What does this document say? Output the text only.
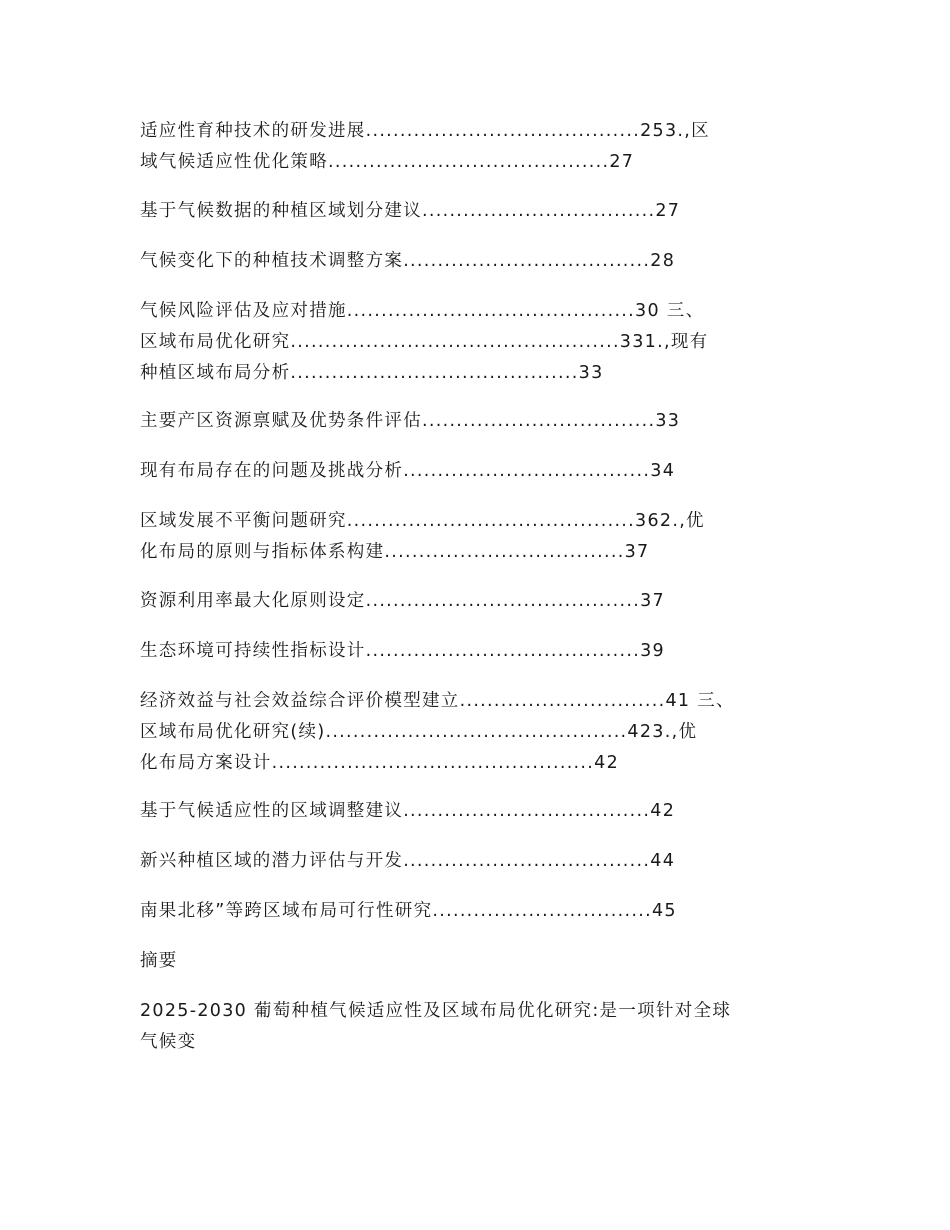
适应性育种技术的研发进展........................................253.,区
域气候适应性优化策略.........................................27
基于气候数据的种植区域划分建议..................................27
气候变化下的种植技术调整方案....................................28
气候风险评估及应对措施..........................................30 三、
区域布局优化研究................................................331.,现有
种植区域布局分析..........................................33
主要产区资源禀赋及优势条件评估..................................33
现有布局存在的问题及挑战分析....................................34
区域发展不平衡问题研究..........................................362.,优
化布局的原则与指标体系构建...................................37
资源利用率最大化原则设定........................................37
生态环境可持续性指标设计........................................39
经济效益与社会效益综合评价模型建立..............................41 三、
区域布局优化研究(续)............................................423.,优
化布局方案设计...............................................42
基于气候适应性的区域调整建议....................................42
新兴种植区域的潜力评估与开发....................................44
南果北移”等跨区域布局可行性研究................................45
摘要
2025-2030 葡萄种植气候适应性及区域布局优化研究:是一项针对全球
气候变
